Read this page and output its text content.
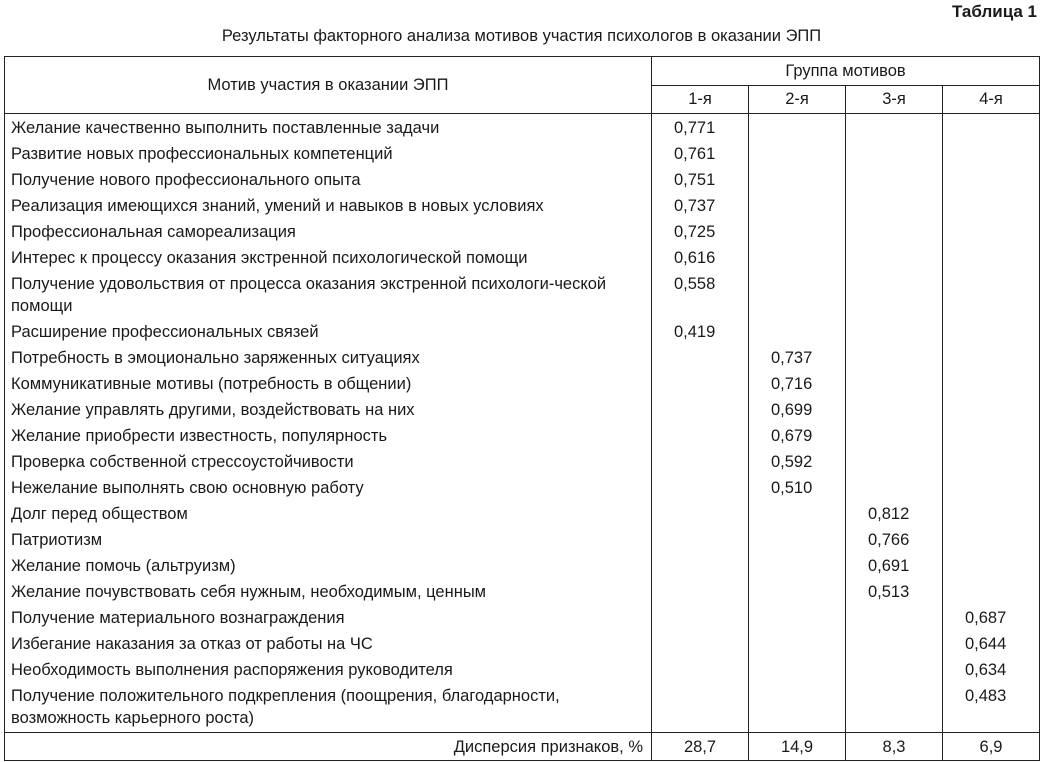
Таблица 1
Результаты факторного анализа мотивов участия психологов в оказании ЭПП
Мотив участия в оказании ЭПП	Группа мотивов			
	1-я	2-я	3-я	4-я
Желание качественно выполнить поставленные задачи	0,771			
Развитие новых профессиональных компетенций	0,761			
Получение нового профессионального опыта	0,751			
Реализация имеющихся знаний, умений и навыков в новых условиях	0,737			
Профессиональная самореализация	0,725			
Интерес к процессу оказания экстренной психологической помощи	0,616			
Получение удовольствия от процесса оказания экстренной психологи-ческой помощи	0,558			
Расширение профессиональных связей	0,419			
Потребность в эмоционально заряженных ситуациях		0,737		
Коммуникативные мотивы (потребность в общении)		0,716		
Желание управлять другими, воздействовать на них		0,699		
Желание приобрести известность, популярность		0,679		
Проверка собственной стрессоустойчивости		0,592		
Нежелание выполнять свою основную работу		0,510		
Долг перед обществом			0,812	
Патриотизм			0,766	
Желание помочь (альтруизм)			0,691	
Желание почувствовать себя нужным, необходимым, ценным			0,513	
Получение материального вознаграждения				0,687
Избегание наказания за отказ от работы на ЧС				0,644
Необходимость выполнения распоряжения руководителя				0,634
Получение положительного подкрепления (поощрения, благодарности, возможность карьерного роста)				0,483
Дисперсия признаков, %	28,7	14,9	8,3	6,9
